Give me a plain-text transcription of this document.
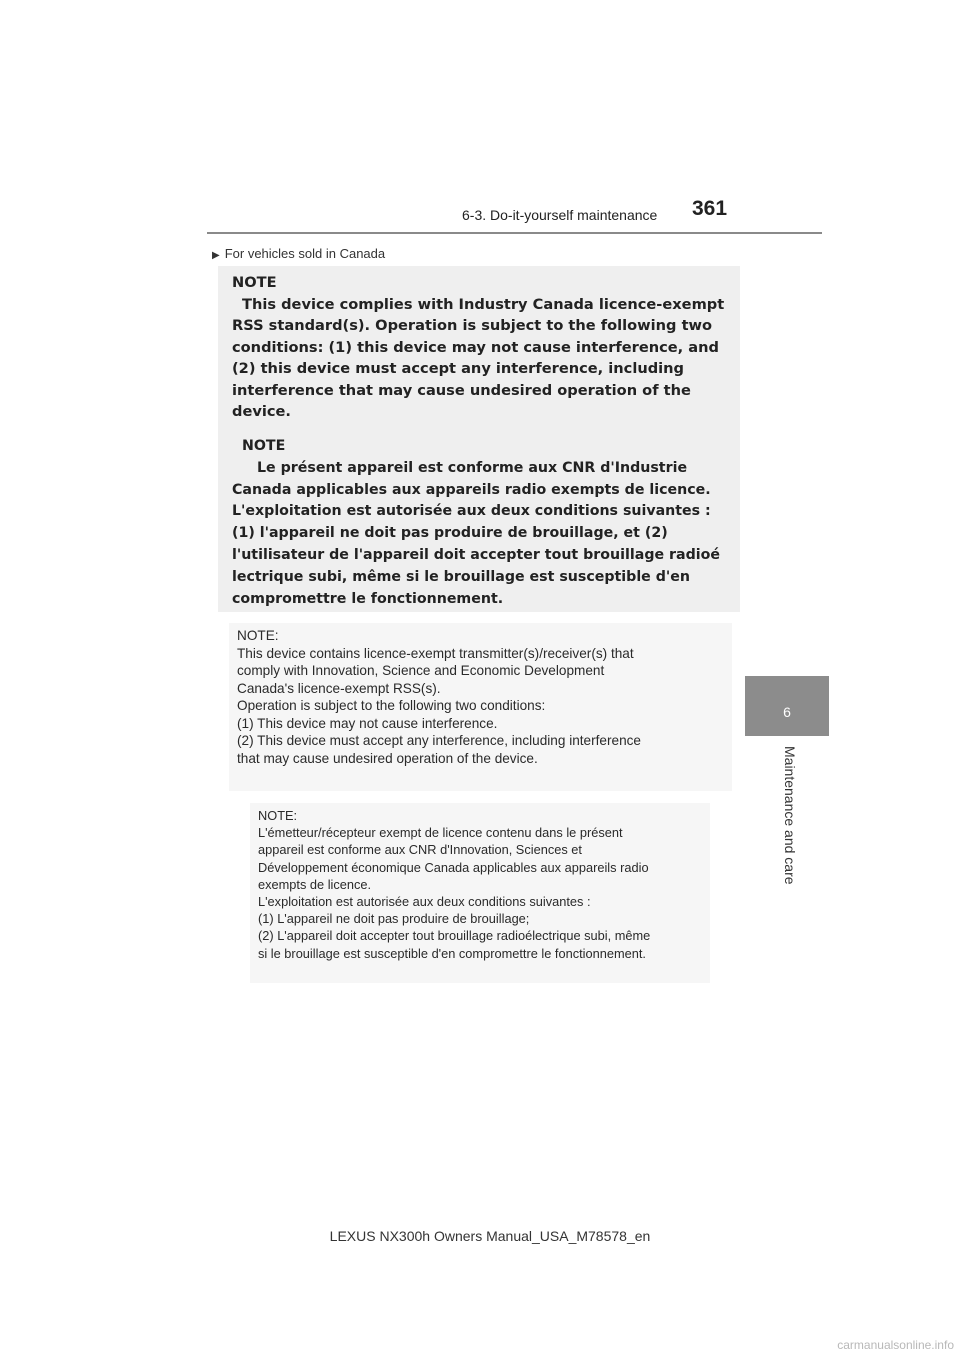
6-3. Do-it-yourself maintenance 361
6
Maintenance and care
▶ For vehicles sold in Canada
NOTE
This device complies with Industry Canada licence-exempt
RSS standard(s). Operation is subject to the following two
conditions: (1) this device may not cause interference, and
(2) this device must accept any interference, including
interference that may cause undesired operation of the
device.
NOTE
Le présent appareil est conforme aux CNR d'Industrie
Canada applicables aux appareils radio exempts de licence.
L'exploitation est autorisée aux deux conditions suivantes :
(1) l'appareil ne doit pas produire de brouillage, et (2)
l'utilisateur de l'appareil doit accepter tout brouillage radioé
lectrique subi, même si le brouillage est susceptible d'en
compromettre le fonctionnement.
NOTE:
This device contains licence-exempt transmitter(s)/receiver(s) that
comply with Innovation, Science and Economic Development
Canada's licence-exempt RSS(s).
Operation is subject to the following two conditions:
(1) This device may not cause interference.
(2) This device must accept any interference, including interference
that may cause undesired operation of the device.
NOTE:
L'émetteur/récepteur exempt de licence contenu dans le présent
appareil est conforme aux CNR d'Innovation, Sciences et
Développement économique Canada applicables aux appareils radio
exempts de licence.
L'exploitation est autorisée aux deux conditions suivantes :
(1) L'appareil ne doit pas produire de brouillage;
(2) L'appareil doit accepter tout brouillage radioélectrique subi, même
si le brouillage est susceptible d'en compromettre le fonctionnement.
LEXUS NX300h Owners Manual_USA_M78578_en
carmanualsonline.info
